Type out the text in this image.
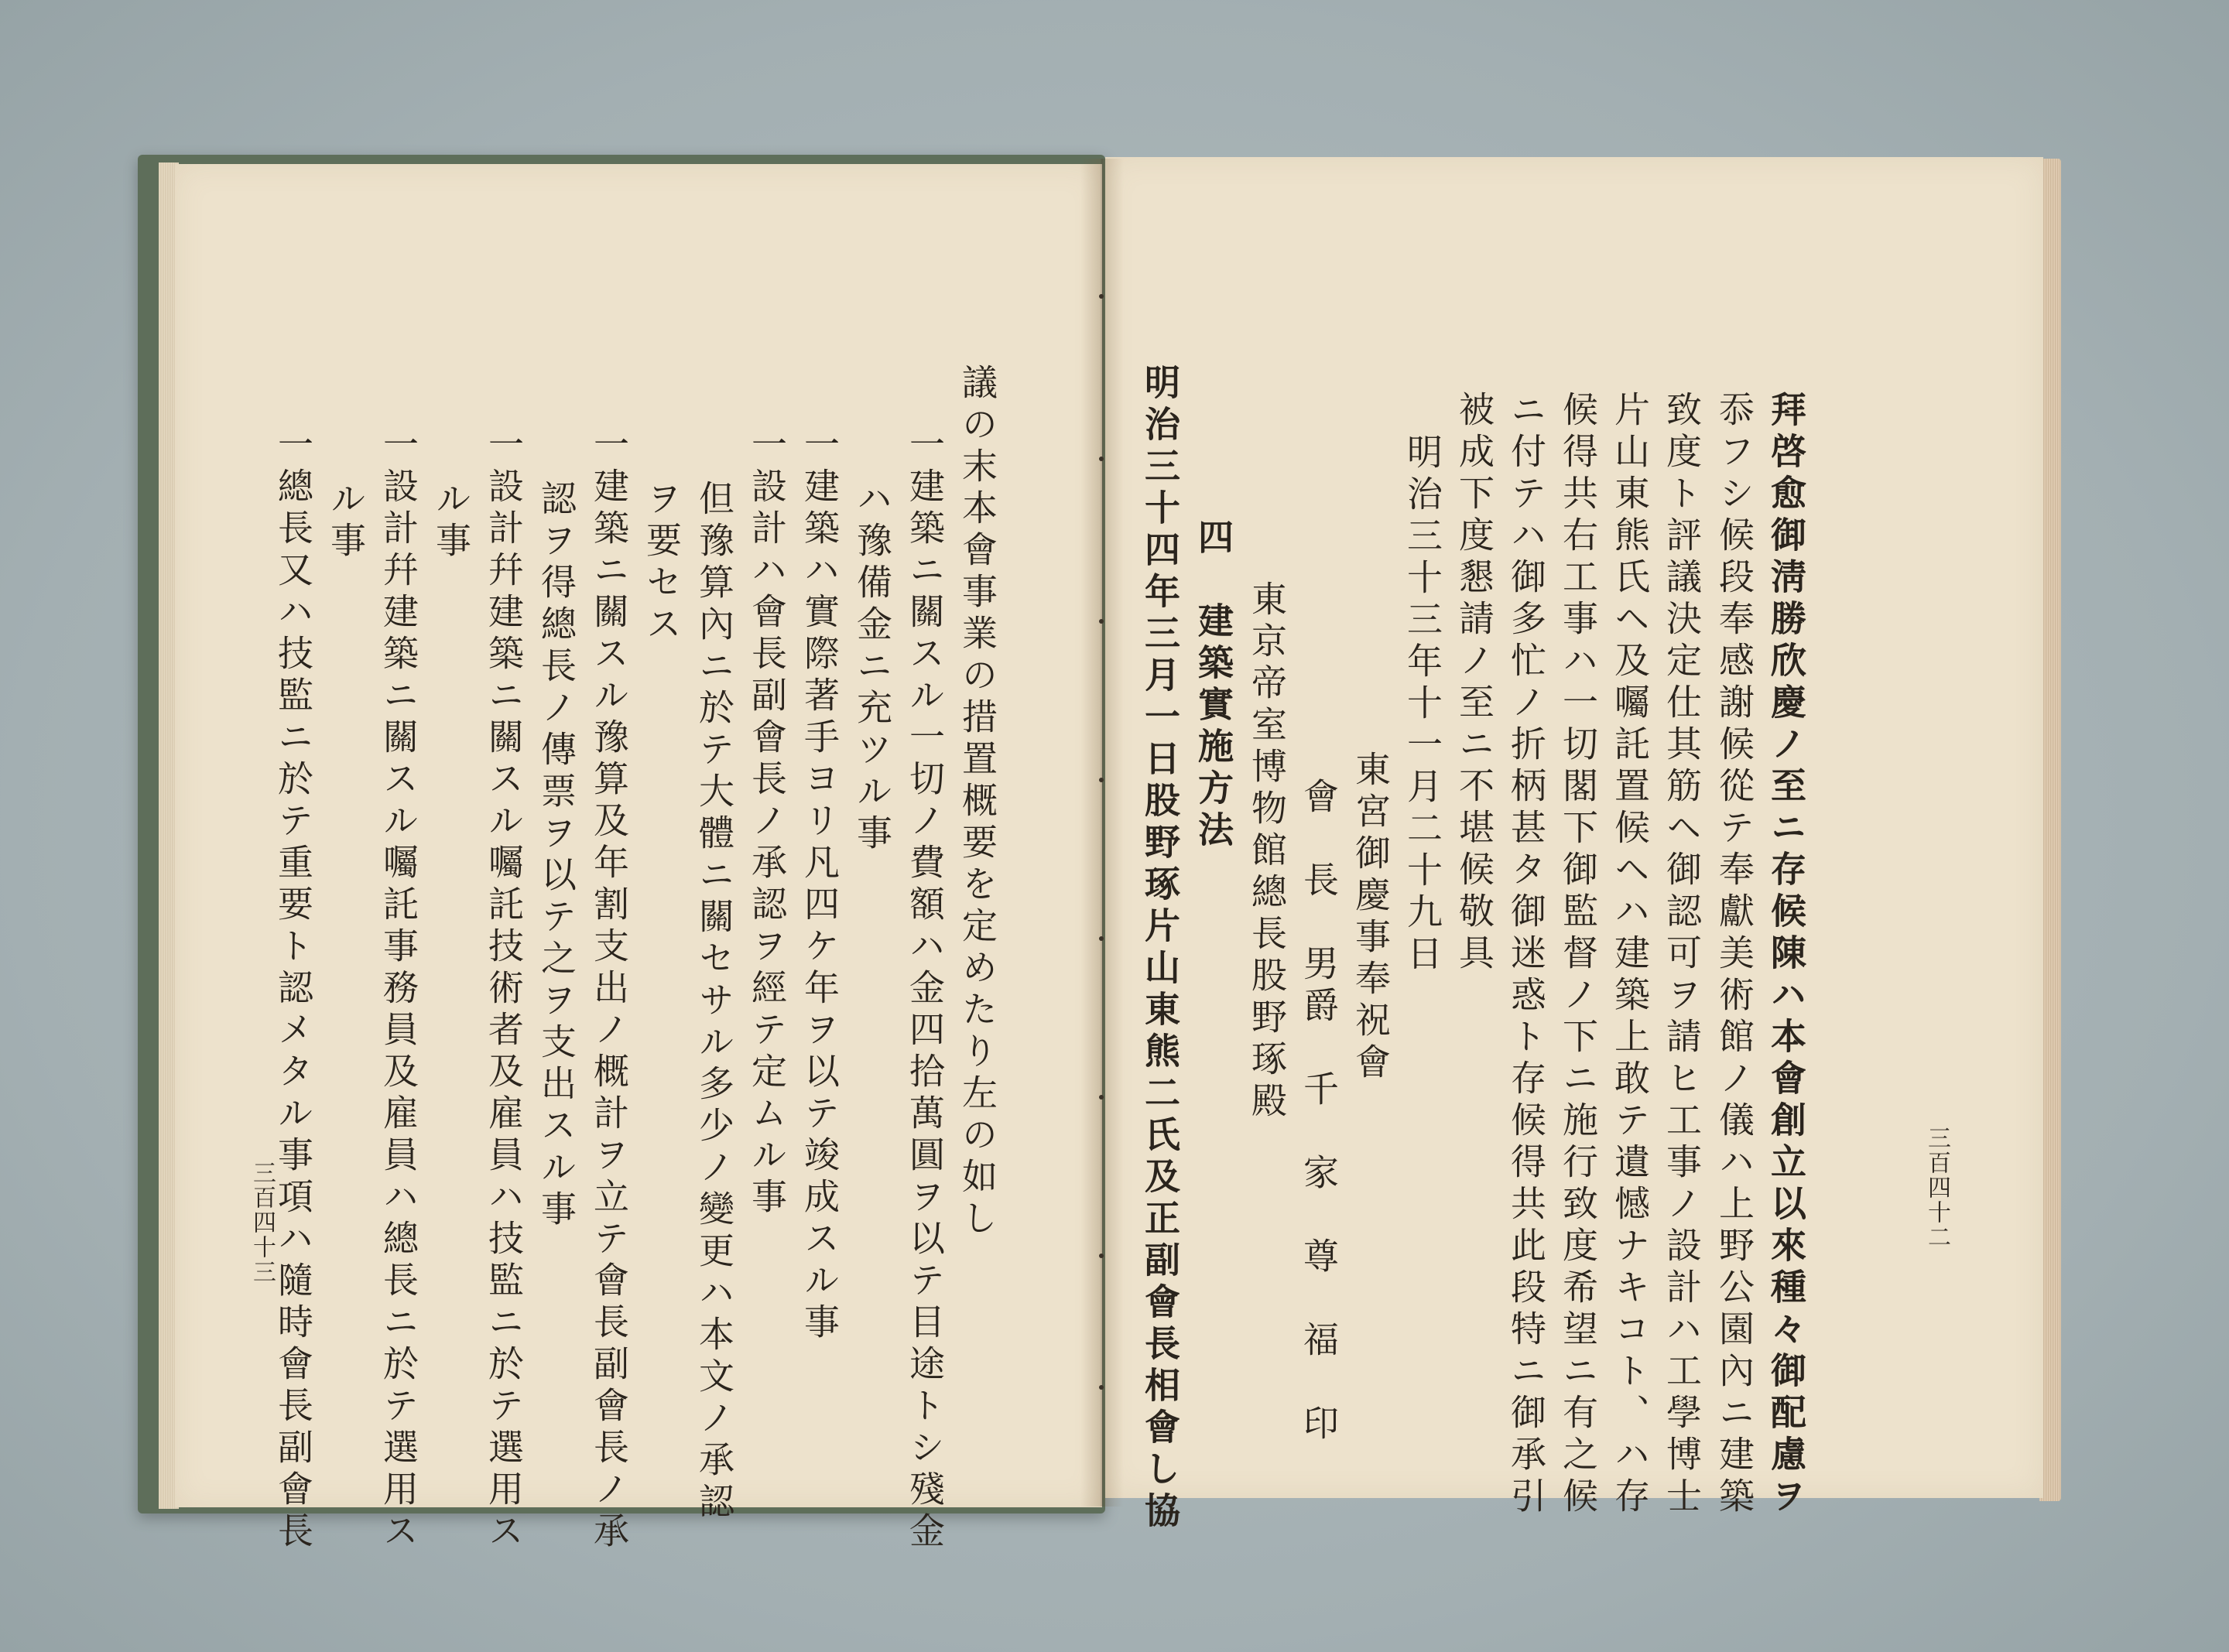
三百四十二
拜啓愈御淸勝欣慶ノ至ニ存候陳ハ本會創立以來種々御配慮ヲ
忝フシ候段奉感謝候從テ奉獻美術館ノ儀ハ上野公園內ニ建築
致度ト評議決定仕其筋ヘ御認可ヲ請ヒ工事ノ設計ハ工學博士
片山東熊氏ヘ及囑託置候ヘハ建築上敢テ遺憾ナキコト、ハ存
候得共右工事ハ一切閣下御監督ノ下ニ施行致度希望ニ有之候
ニ付テハ御多忙ノ折柄甚タ御迷惑ト存候得共此段特ニ御承引
被成下度懇請ノ至ニ不堪候敬具
明治三十三年十一月二十九日
東宮御慶事奉祝會
會　長　男爵　千　家　尊　福　印
東京帝室博物館總長股野琢殿
四　建築實施方法
明治三十四年三月一日股野琢片山東熊二氏及正副會長相會し協
三百四十三	議の末本會事業の措置概要を定めたり左の如し
一建築ニ關スル一切ノ費額ハ金四拾萬圓ヲ以テ目途トシ殘金
ハ豫備金ニ充ツル事
一建築ハ實際著手ヨリ凡四ケ年ヲ以テ竣成スル事
一設計ハ會長副會長ノ承認ヲ經テ定ムル事
但豫算內ニ於テ大體ニ關セサル多少ノ變更ハ本文ノ承認
ヲ要セス
一建築ニ關スル豫算及年割支出ノ概計ヲ立テ會長副會長ノ承
認ヲ得總長ノ傳票ヲ以テ之ヲ支出スル事
一設計幷建築ニ關スル囑託技術者及雇員ハ技監ニ於テ選用ス
ル事
一設計幷建築ニ關スル囑託事務員及雇員ハ總長ニ於テ選用ス
ル事
一總長又ハ技監ニ於テ重要ト認メタル事項ハ隨時會長副會長
